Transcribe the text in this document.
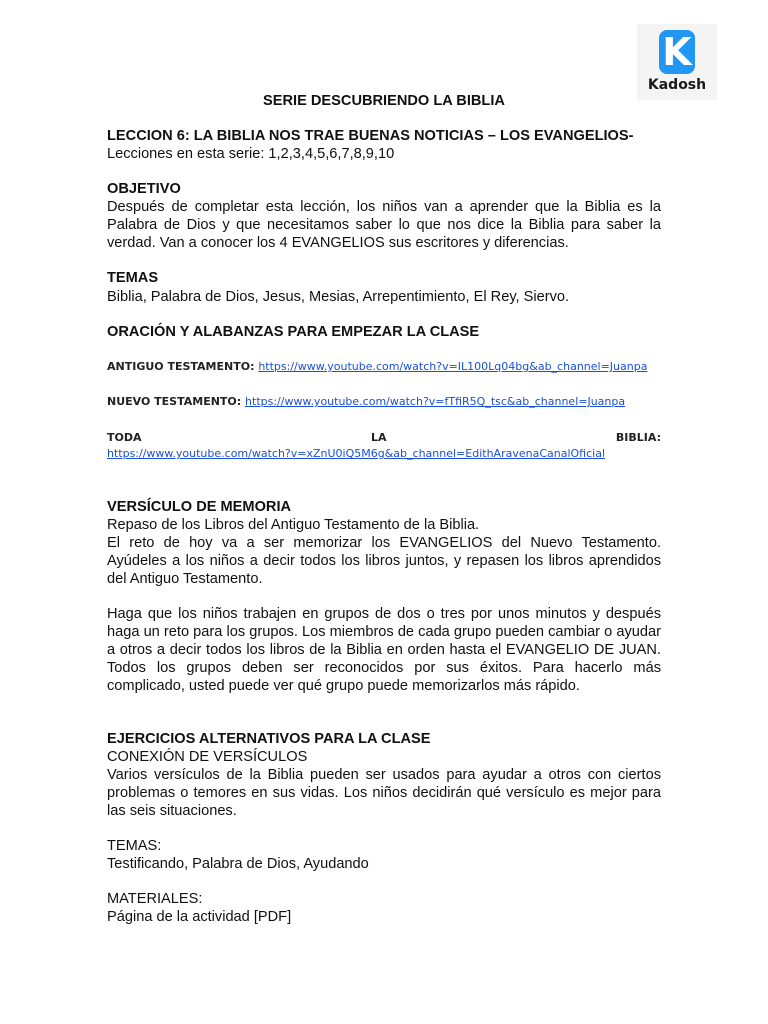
K
Kadosh

SERIE DESCUBRIENDO LA BIBLIA

LECCION 6: LA BIBLIA NOS TRAE BUENAS NOTICIAS – LOS EVANGELIOS-

Lecciones en esta serie: 1,2,3,4,5,6,7,8,9,10

OBJETIVO

Después de completar esta lección, los niños van a aprender que la Biblia es la Palabra de Dios y que necesitamos saber lo que nos dice la Biblia para saber la verdad. Van a conocer los 4 EVANGELIOS sus escritores y diferencias.

TEMAS

Biblia, Palabra de Dios, Jesus, Mesias, Arrepentimiento, El Rey, Siervo.

ORACIÓN Y ALABANZAS PARA EMPEZAR LA CLASE

ANTIGUO TESTAMENTO: https://www.youtube.com/watch?v=IL100Lq04bg&ab_channel=Juanpa
NUEVO TESTAMENTO: https://www.youtube.com/watch?v=fTfiR5Q_tsc&ab_channel=Juanpa
TODA	LA	BIBLIA:
https://www.youtube.com/watch?v=xZnU0iQ5M6g&ab_channel=EdithAravenaCanalOficial

VERSÍCULO DE MEMORIA

Repaso de los Libros del Antiguo Testamento de la Biblia.

El reto de hoy va a ser memorizar los EVANGELIOS del Nuevo Testamento. Ayúdeles a los niños a decir todos los libros juntos, y repasen los libros aprendidos del Antiguo Testamento.

Haga que los niños trabajen en grupos de dos o tres por unos minutos y después haga un reto para los grupos. Los miembros de cada grupo pueden cambiar o ayudar a otros a decir todos los libros de la Biblia en orden hasta el EVANGELIO DE JUAN. Todos los grupos deben ser reconocidos por sus éxitos. Para hacerlo más complicado, usted puede ver qué grupo puede memorizarlos más rápido.

EJERCICIOS ALTERNATIVOS PARA LA CLASE

CONEXIÓN DE VERSÍCULOS

Varios versículos de la Biblia pueden ser usados para ayudar a otros con ciertos problemas o temores en sus vidas. Los niños decidirán qué versículo es mejor para las seis situaciones.

TEMAS:

Testificando, Palabra de Dios, Ayudando

MATERIALES:

Página de la actividad [PDF]
